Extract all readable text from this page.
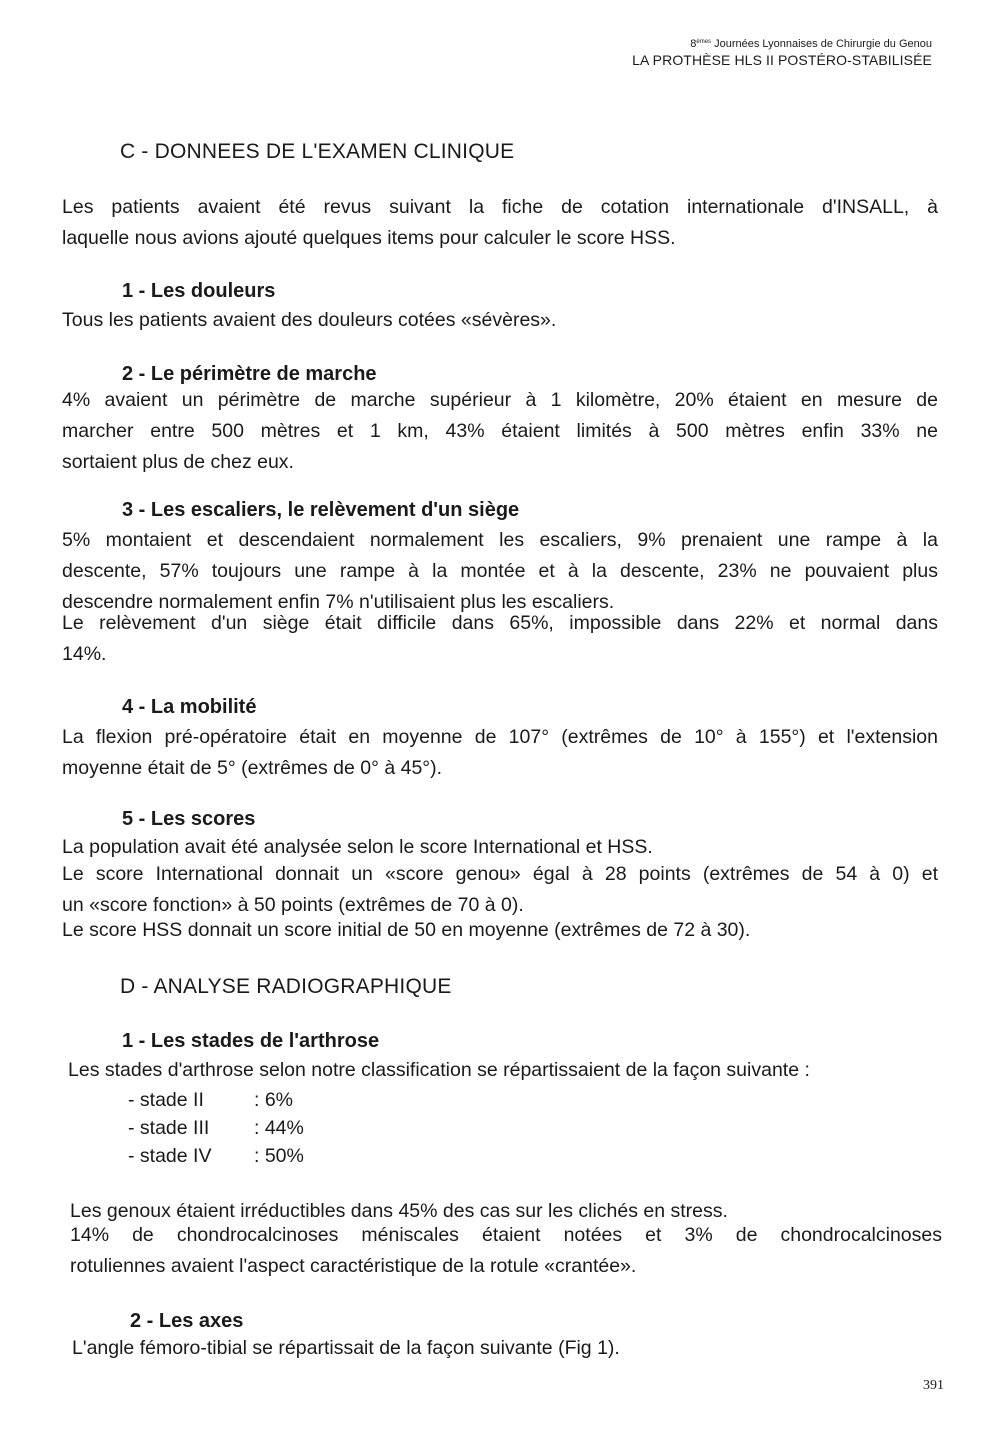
8èmes Journées Lyonnaises de Chirurgie du Genou
LA PROTHÈSE HLS II POSTÉRO-STABILISÉE
C - DONNEES DE L'EXAMEN CLINIQUE

Les patients avaient été revus suivant la fiche de cotation internationale d'INSALL, à
laquelle nous avions ajouté quelques items pour calculer le score HSS.

1 - Les douleurs

Tous les patients avaient des douleurs cotées «sévères».

2 - Le périmètre de marche

4% avaient un périmètre de marche supérieur à 1 kilomètre, 20% étaient en mesure de
marcher entre 500 mètres et 1 km, 43% étaient limités à 500 mètres enfin 33% ne
sortaient plus de chez eux.

3 - Les escaliers, le relèvement d'un siège

5% montaient et descendaient normalement les escaliers, 9% prenaient une rampe à la
descente, 57% toujours une rampe à la montée et à la descente, 23% ne pouvaient plus
descendre normalement enfin 7% n'utilisaient plus les escaliers.

Le relèvement d'un siège était difficile dans 65%, impossible dans 22% et normal dans
14%.

4 - La mobilité

La flexion pré-opératoire était en moyenne de 107° (extrêmes de 10° à 155°) et l'extension
moyenne était de 5° (extrêmes de 0° à 45°).

5 - Les scores

La population avait été analysée selon le score International et HSS.

Le score International donnait un «score genou» égal à 28 points (extrêmes de 54 à 0) et
un «score fonction» à 50 points (extrêmes de 70 à 0).

Le score HSS donnait un score initial de 50 en moyenne (extrêmes de 72 à 30).

D - ANALYSE RADIOGRAPHIQUE
1 - Les stades de l'arthrose

Les stades d'arthrose selon notre classification se répartissaient de la façon suivante :

- stade II	: 6%
- stade III	: 44%
- stade IV	: 50%

Les genoux étaient irréductibles dans 45% des cas sur les clichés en stress.

14% de chondrocalcinoses méniscales étaient notées et 3% de chondrocalcinoses
rotuliennes avaient l'aspect caractéristique de la rotule «crantée».

2 - Les axes

L'angle fémoro-tibial se répartissait de la façon suivante (Fig 1).

391
